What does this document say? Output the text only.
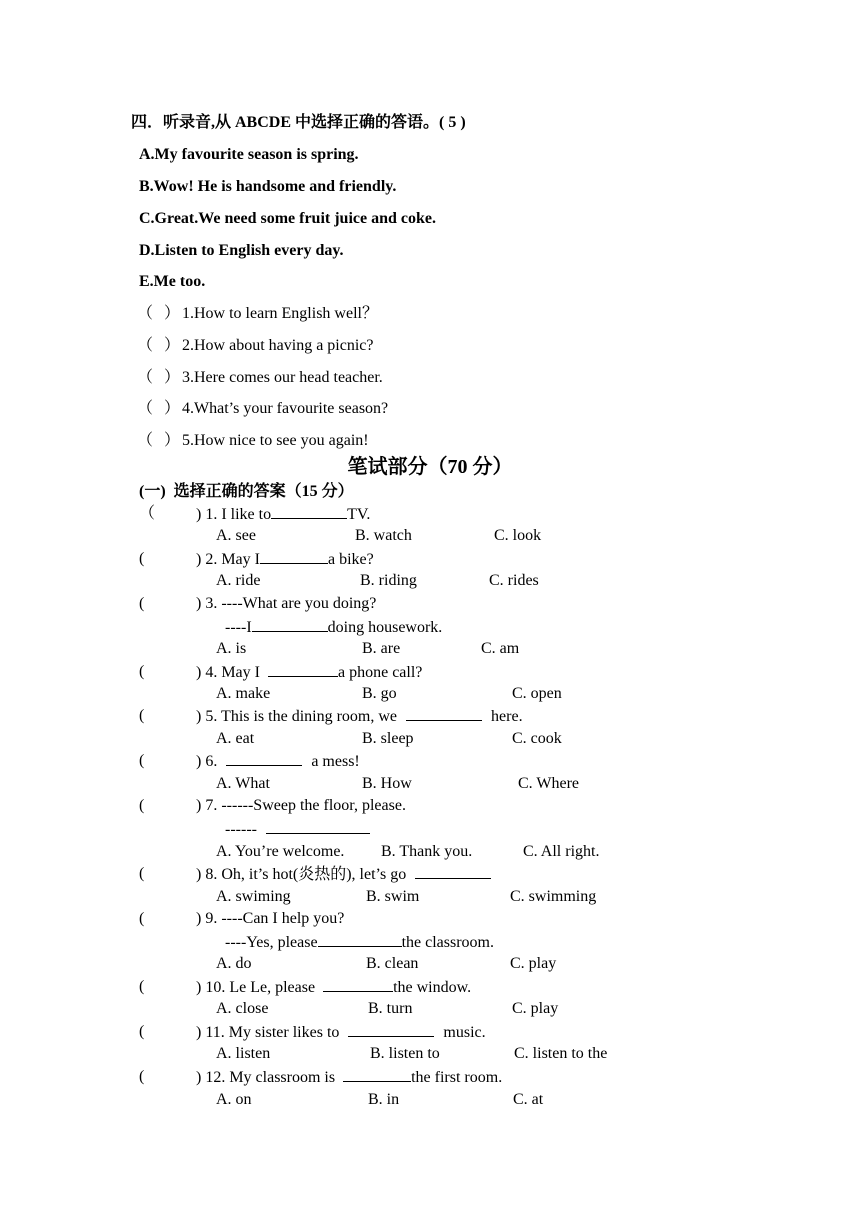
四．听录音,从 ABCDE 中选择正确的答语。( 5 )
A.My favourite season is spring.
B.Wow! He is handsome and friendly.
C.Great.We need some fruit juice and coke.
D.Listen to English every day.
E.Me too.
（ ） 1.How to learn English well？
（ ） 2.How about having a picnic?
（ ） 3.Here comes our head teacher.
（ ） 4.What’s your favourite season?
（ ） 5.How nice to see you again!
笔试部分（70 分）
(一)  选择正确的答案（15 分）
（	) 1. I like to	TV.
A. see	B. watch	C. look
(	) 2. May I	a bike?
A. ride	B. riding	C. rides
(	) 3. ----What are you doing?
----I	doing housework.
A. is	B. are	C. am
(	) 4. May I	a phone call?
A. make	B. go	C. open
(	) 5. This is the dining room, we	here.
A. eat	B. sleep	C. cook
(	) 6.	a mess!
A. What	B. How	C. Where
(	) 7. ------Sweep the floor, please.
------
A. You’re welcome. B. Thank you.	C. All right.
(	) 8. Oh, it’s hot(炎热的), let’s go
A. swiming	B. swim	C. swimming
(	) 9. ----Can I help you?
----Yes, please	the classroom.
A. do	B. clean	C. play
(	) 10. Le Le, please	the window.
A. close	B. turn	C. play
(	) 11. My sister likes to	music.
A. listen	B. listen to	C. listen to the
(	) 12. My classroom is	the first room.
A. on	B. in	C. at
